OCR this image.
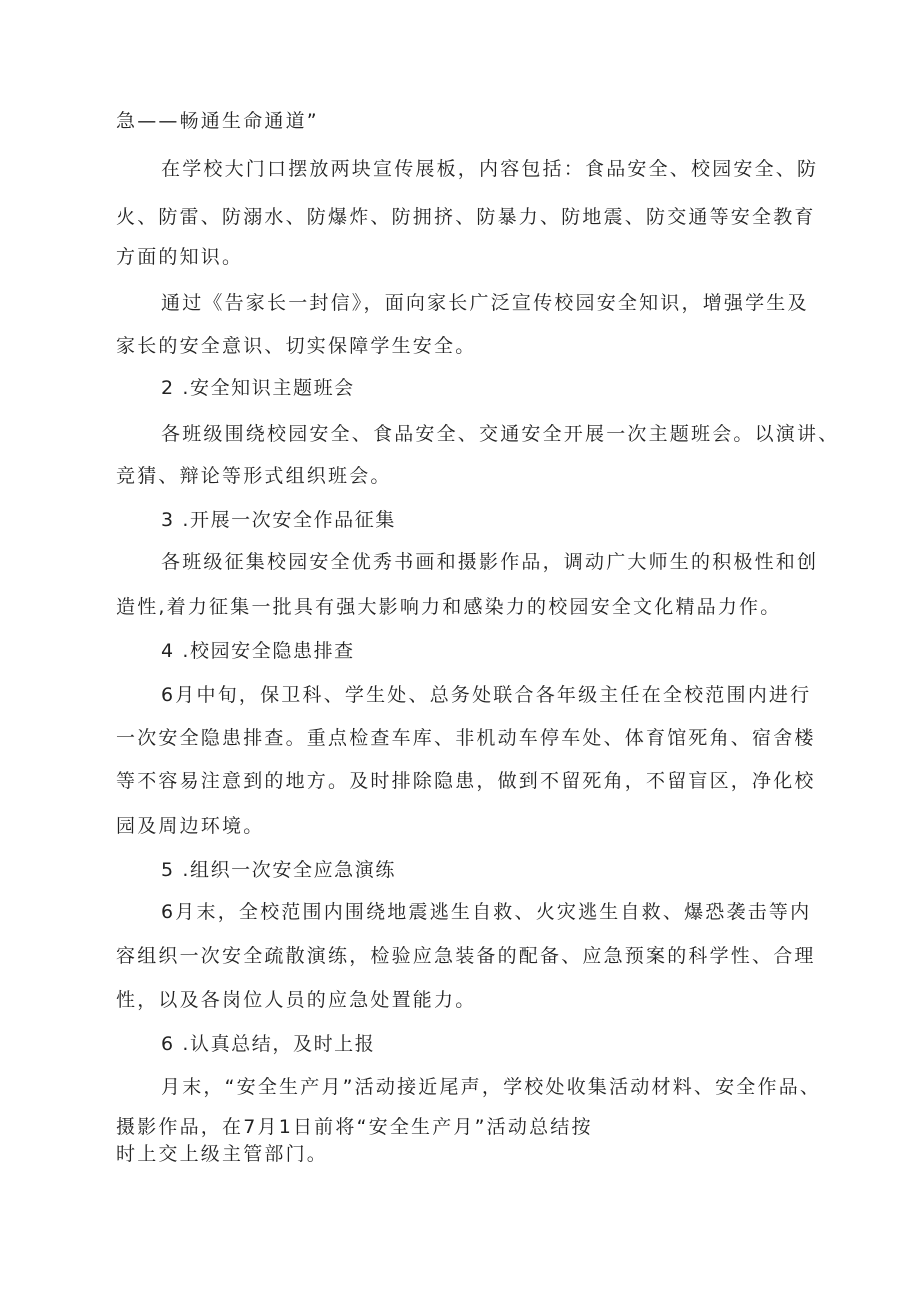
急——畅通生命通道”
在学校大门口摆放两块宣传展板，内容包括：食品安全、校园安全、防
火、防雷、防溺水、防爆炸、防拥挤、防暴力、防地震、防交通等安全教育
方面的知识。
通过《告家长一封信》，面向家长广泛宣传校园安全知识，增强学生及
家长的安全意识、切实保障学生安全。
2 .安全知识主题班会
各班级围绕校园安全、食品安全、交通安全开展一次主题班会。以演讲、
竞猜、辩论等形式组织班会。
3 .开展一次安全作品征集
各班级征集校园安全优秀书画和摄影作品，调动广大师生的积极性和创
造性,着力征集一批具有强大影响力和感染力的校园安全文化精品力作。
4 .校园安全隐患排查
6月中旬，保卫科、学生处、总务处联合各年级主任在全校范围内进行
一次安全隐患排查。重点检查车库、非机动车停车处、体育馆死角、宿舍楼
等不容易注意到的地方。及时排除隐患，做到不留死角，不留盲区，净化校
园及周边环境。
5 .组织一次安全应急演练
6月末，全校范围内围绕地震逃生自救、火灾逃生自救、爆恐袭击等内
容组织一次安全疏散演练，检验应急装备的配备、应急预案的科学性、合理
性，以及各岗位人员的应急处置能力。
6 .认真总结，及时上报
月末，“安全生产月”活动接近尾声，学校处收集活动材料、安全作品、
摄影作品，在7月1日前将“安全生产月”活动总结按
时上交上级主管部门。
